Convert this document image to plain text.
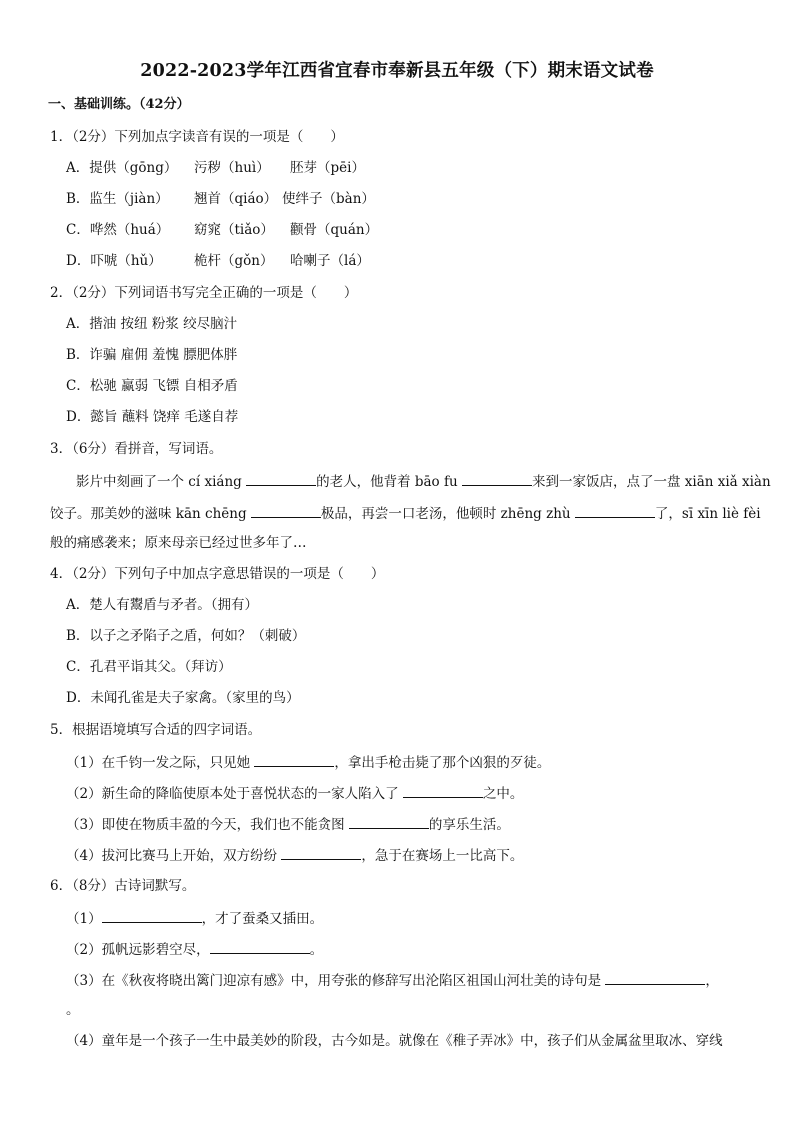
2022-2023学年江西省宜春市奉新县五年级（下）期末语文试卷
一、基础训练。（42分）
1．（2分）下列加点字读音有误的一项是（　　）
A．提供（gōng） 污秽（huì） 胚芽（pēi）
B．监生（jiàn） 翘首（qiáo） 使绊子（bàn）
C．哗然（huá） 窈窕（tiǎo） 颧骨（quán）
D．吓唬（hǔ） 桅杆（gǒn） 哈喇子（lá）
2．（2分）下列词语书写完全正确的一项是（　　）
A．揩油 按纽 粉浆 绞尽脑汁
B．诈骗 雇佣 羞愧 膘肥体胖
C．松驰 赢弱 飞镖 自相矛盾
D．懿旨 蘸料 饶痒 毛遂自荐
3．（6分）看拼音，写词语。
影片中刻画了一个 cí xiáng	的老人，他背着 bāo fu	来到一家饭店，点了一盘 xiān xiǎ xiàn
饺子。那美妙的滋味 kān chēng	极品，再尝一口老汤，他顿时 zhēng zhù	了，sī xīn liè fèi
般的痛感袭来；原来母亲已经过世多年了…
4．（2分）下列句子中加点字意思错误的一项是（　　）
A．楚人有鬻盾与矛者。（拥有）
B．以子之矛陷子之盾，何如？（刺破）
C．孔君平诣其父。（拜访）
D．未闻孔雀是夫子家禽。（家里的鸟）
5．根据语境填写合适的四字词语。
（1）在千钧一发之际，只见她	，拿出手枪击毙了那个凶狠的歹徒。
（2）新生命的降临使原本处于喜悦状态的一家人陷入了	之中。
（3）即使在物质丰盈的今天，我们也不能贪图	的享乐生活。
（4）拔河比赛马上开始，双方纷纷	，急于在赛场上一比高下。
6．（8分）古诗词默写。
（1）	，才了蚕桑又插田。
（2）孤帆远影碧空尽，	。
（3）在《秋夜将晓出篱门迎凉有感》中，用夸张的修辞写出沦陷区祖国山河壮美的诗句是	，
。
（4）童年是一个孩子一生中最美妙的阶段，古今如是。就像在《稚子弄冰》中，孩子们从金属盆里取冰、穿线
